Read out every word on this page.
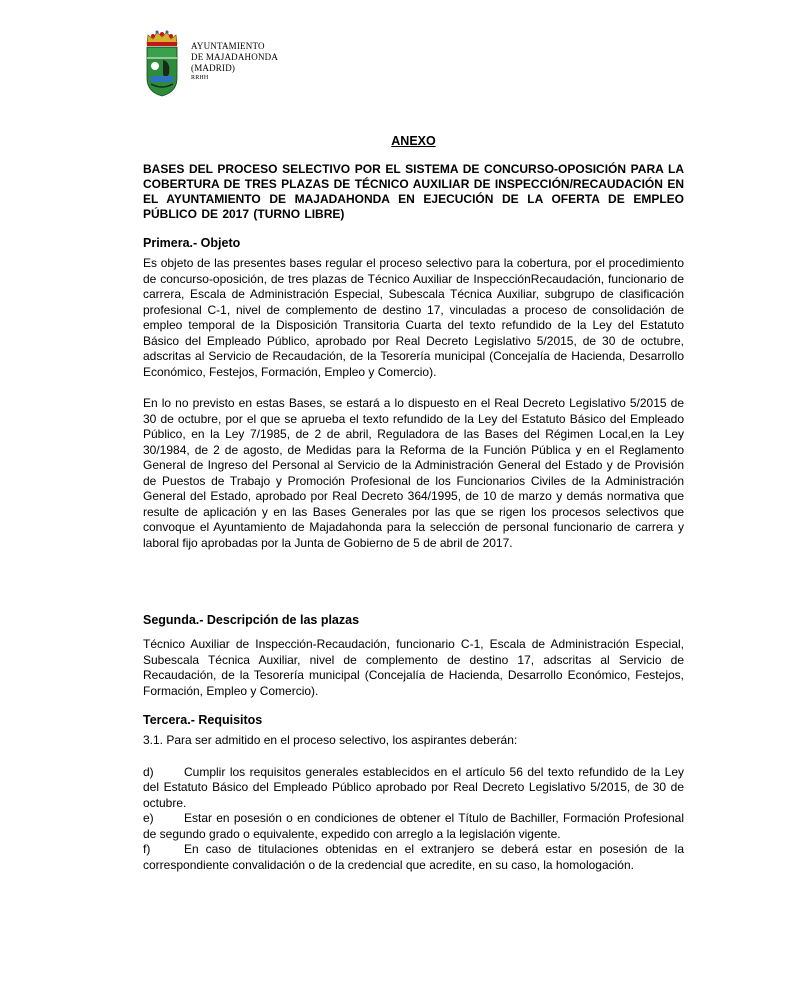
AYUNTAMIENTO
DE MAJADAHONDA
(MADRID)
RRHH
ANEXO
BASES DEL PROCESO SELECTIVO POR EL SISTEMA DE CONCURSO-OPOSICIÓN PARA LA COBERTURA DE TRES PLAZAS DE TÉCNICO AUXILIAR DE INSPECCIÓN/RECAUDACIÓN EN EL AYUNTAMIENTO DE MAJADAHONDA EN EJECUCIÓN DE LA OFERTA DE EMPLEO PÚBLICO DE 2017 (TURNO LIBRE)
Primera.- Objeto

Es objeto de las presentes bases regular el proceso selectivo para la cobertura, por el procedimiento de concurso-oposición, de tres plazas de Técnico Auxiliar de InspecciónRecaudación, funcionario de carrera, Escala de Administración Especial, Subescala Técnica Auxiliar, subgrupo de clasificación profesional C-1, nivel de complemento de destino 17, vinculadas a proceso de consolidación de empleo temporal de la Disposición Transitoria Cuarta del texto refundido de la Ley del Estatuto Básico del Empleado Público, aprobado por Real Decreto Legislativo 5/2015, de 30 de octubre, adscritas al Servicio de Recaudación, de la Tesorería municipal (Concejalía de Hacienda, Desarrollo Económico, Festejos, Formación, Empleo y Comercio).

En lo no previsto en estas Bases, se estará a lo dispuesto en el Real Decreto Legislativo 5/2015 de 30 de octubre, por el que se aprueba el texto refundido de la Ley del Estatuto Básico del Empleado Público, en la Ley 7/1985, de 2 de abril, Reguladora de las Bases del Régimen Local,en la Ley 30/1984, de 2 de agosto, de Medidas para la Reforma de la Función Pública y en el Reglamento General de Ingreso del Personal al Servicio de la Administración General del Estado y de Provisión de Puestos de Trabajo y Promoción Profesional de los Funcionarios Civiles de la Administración General del Estado, aprobado por Real Decreto 364/1995, de 10 de marzo y demás normativa que resulte de aplicación y en las Bases Generales por las que se rigen los procesos selectivos que convoque el Ayuntamiento de Majadahonda para la selección de personal funcionario de carrera y laboral fijo aprobadas por la Junta de Gobierno de 5 de abril de 2017.

Segunda.- Descripción de las plazas

Técnico Auxiliar de Inspección-Recaudación, funcionario C-1, Escala de Administración Especial, Subescala Técnica Auxiliar, nivel de complemento de destino 17, adscritas al Servicio de Recaudación, de la Tesorería municipal (Concejalía de Hacienda, Desarrollo Económico, Festejos, Formación, Empleo y Comercio).

Tercera.- Requisitos

3.1. Para ser admitido en el proceso selectivo, los aspirantes deberán:

d)	Cumplir los requisitos generales establecidos en el artículo 56 del texto refundido de la Ley del Estatuto Básico del Empleado Público aprobado por Real Decreto Legislativo 5/2015, de 30 de octubre.
e)	Estar en posesión o en condiciones de obtener el Título de Bachiller, Formación Profesional de segundo grado o equivalente, expedido con arreglo a la legislación vigente.
f)	En caso de titulaciones obtenidas en el extranjero se deberá estar en posesión de la correspondiente convalidación o de la credencial que acredite, en su caso, la homologación.
